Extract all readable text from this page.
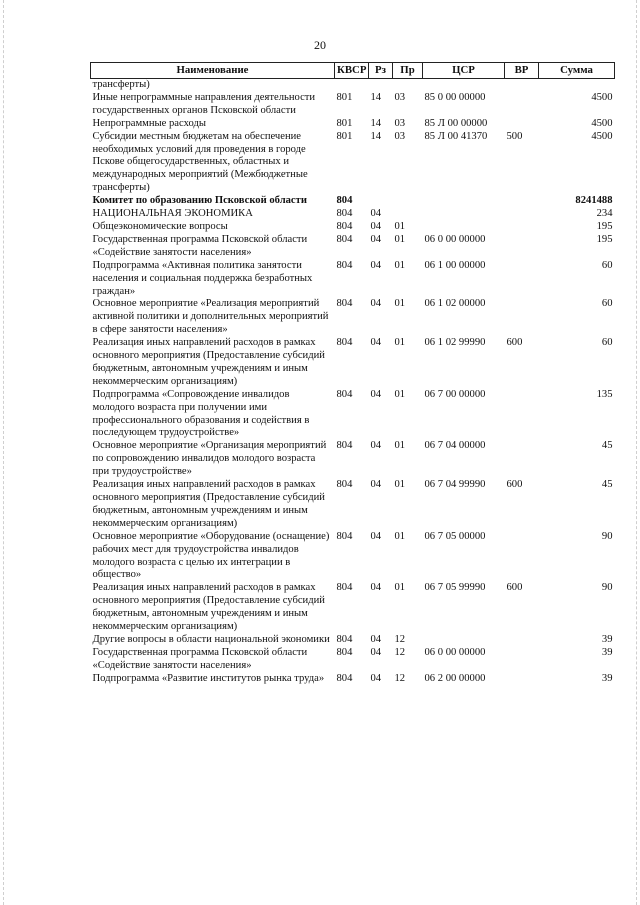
20
Наименование	КВСР	Рз	Пр	ЦСР	ВР	Сумма
трансферты)						
Иные непрограммные направления деятельности государственных органов Псковской области	801	14	03	85 0 00 00000		4500
Непрограммные расходы	801	14	03	85 Л 00 00000		4500
Субсидии местным бюджетам на обеспечение необходимых условий для проведения в городе Пскове общегосударственных, областных и международных мероприятий (Межбюджетные трансферты)	801	14	03	85 Л 00 41370	500	4500
Комитет по образованию Псковской области	804					8241488
НАЦИОНАЛЬНАЯ ЭКОНОМИКА	804	04				234
Общеэкономические вопросы	804	04	01			195
Государственная программа Псковской области «Содействие занятости населения»	804	04	01	06 0 00 00000		195
Подпрограмма «Активная политика занятости населения и социальная поддержка безработных граждан»	804	04	01	06 1 00 00000		60
Основное мероприятие «Реализация мероприятий активной политики и дополнительных мероприятий в сфере занятости населения»	804	04	01	06 1 02 00000		60
Реализация иных направлений расходов в рамках основного мероприятия (Предоставление субсидий бюджетным, автономным учреждениям и иным некоммерческим организациям)	804	04	01	06 1 02 99990	600	60
Подпрограмма «Сопровождение инвалидов молодого возраста при получении ими профессионального образования и содействия в последующем трудоустройстве»	804	04	01	06 7 00 00000		135
Основное мероприятие «Организация мероприятий по сопровождению инвалидов молодого возраста при трудоустройстве»	804	04	01	06 7 04 00000		45
Реализация иных направлений расходов в рамках основного мероприятия (Предоставление субсидий бюджетным, автономным учреждениям и иным некоммерческим организациям)	804	04	01	06 7 04 99990	600	45
Основное мероприятие «Оборудование (оснащение) рабочих мест для трудоустройства инвалидов молодого возраста с целью их интеграции в общество»	804	04	01	06 7 05 00000		90
Реализация иных направлений расходов в рамках основного мероприятия (Предоставление субсидий бюджетным, автономным учреждениям и иным некоммерческим организациям)	804	04	01	06 7 05 99990	600	90
Другие вопросы в области национальной экономики	804	04	12			39
Государственная программа Псковской области «Содействие занятости населения»	804	04	12	06 0 00 00000		39
Подпрограмма «Развитие институтов рынка труда»	804	04	12	06 2 00 00000		39
